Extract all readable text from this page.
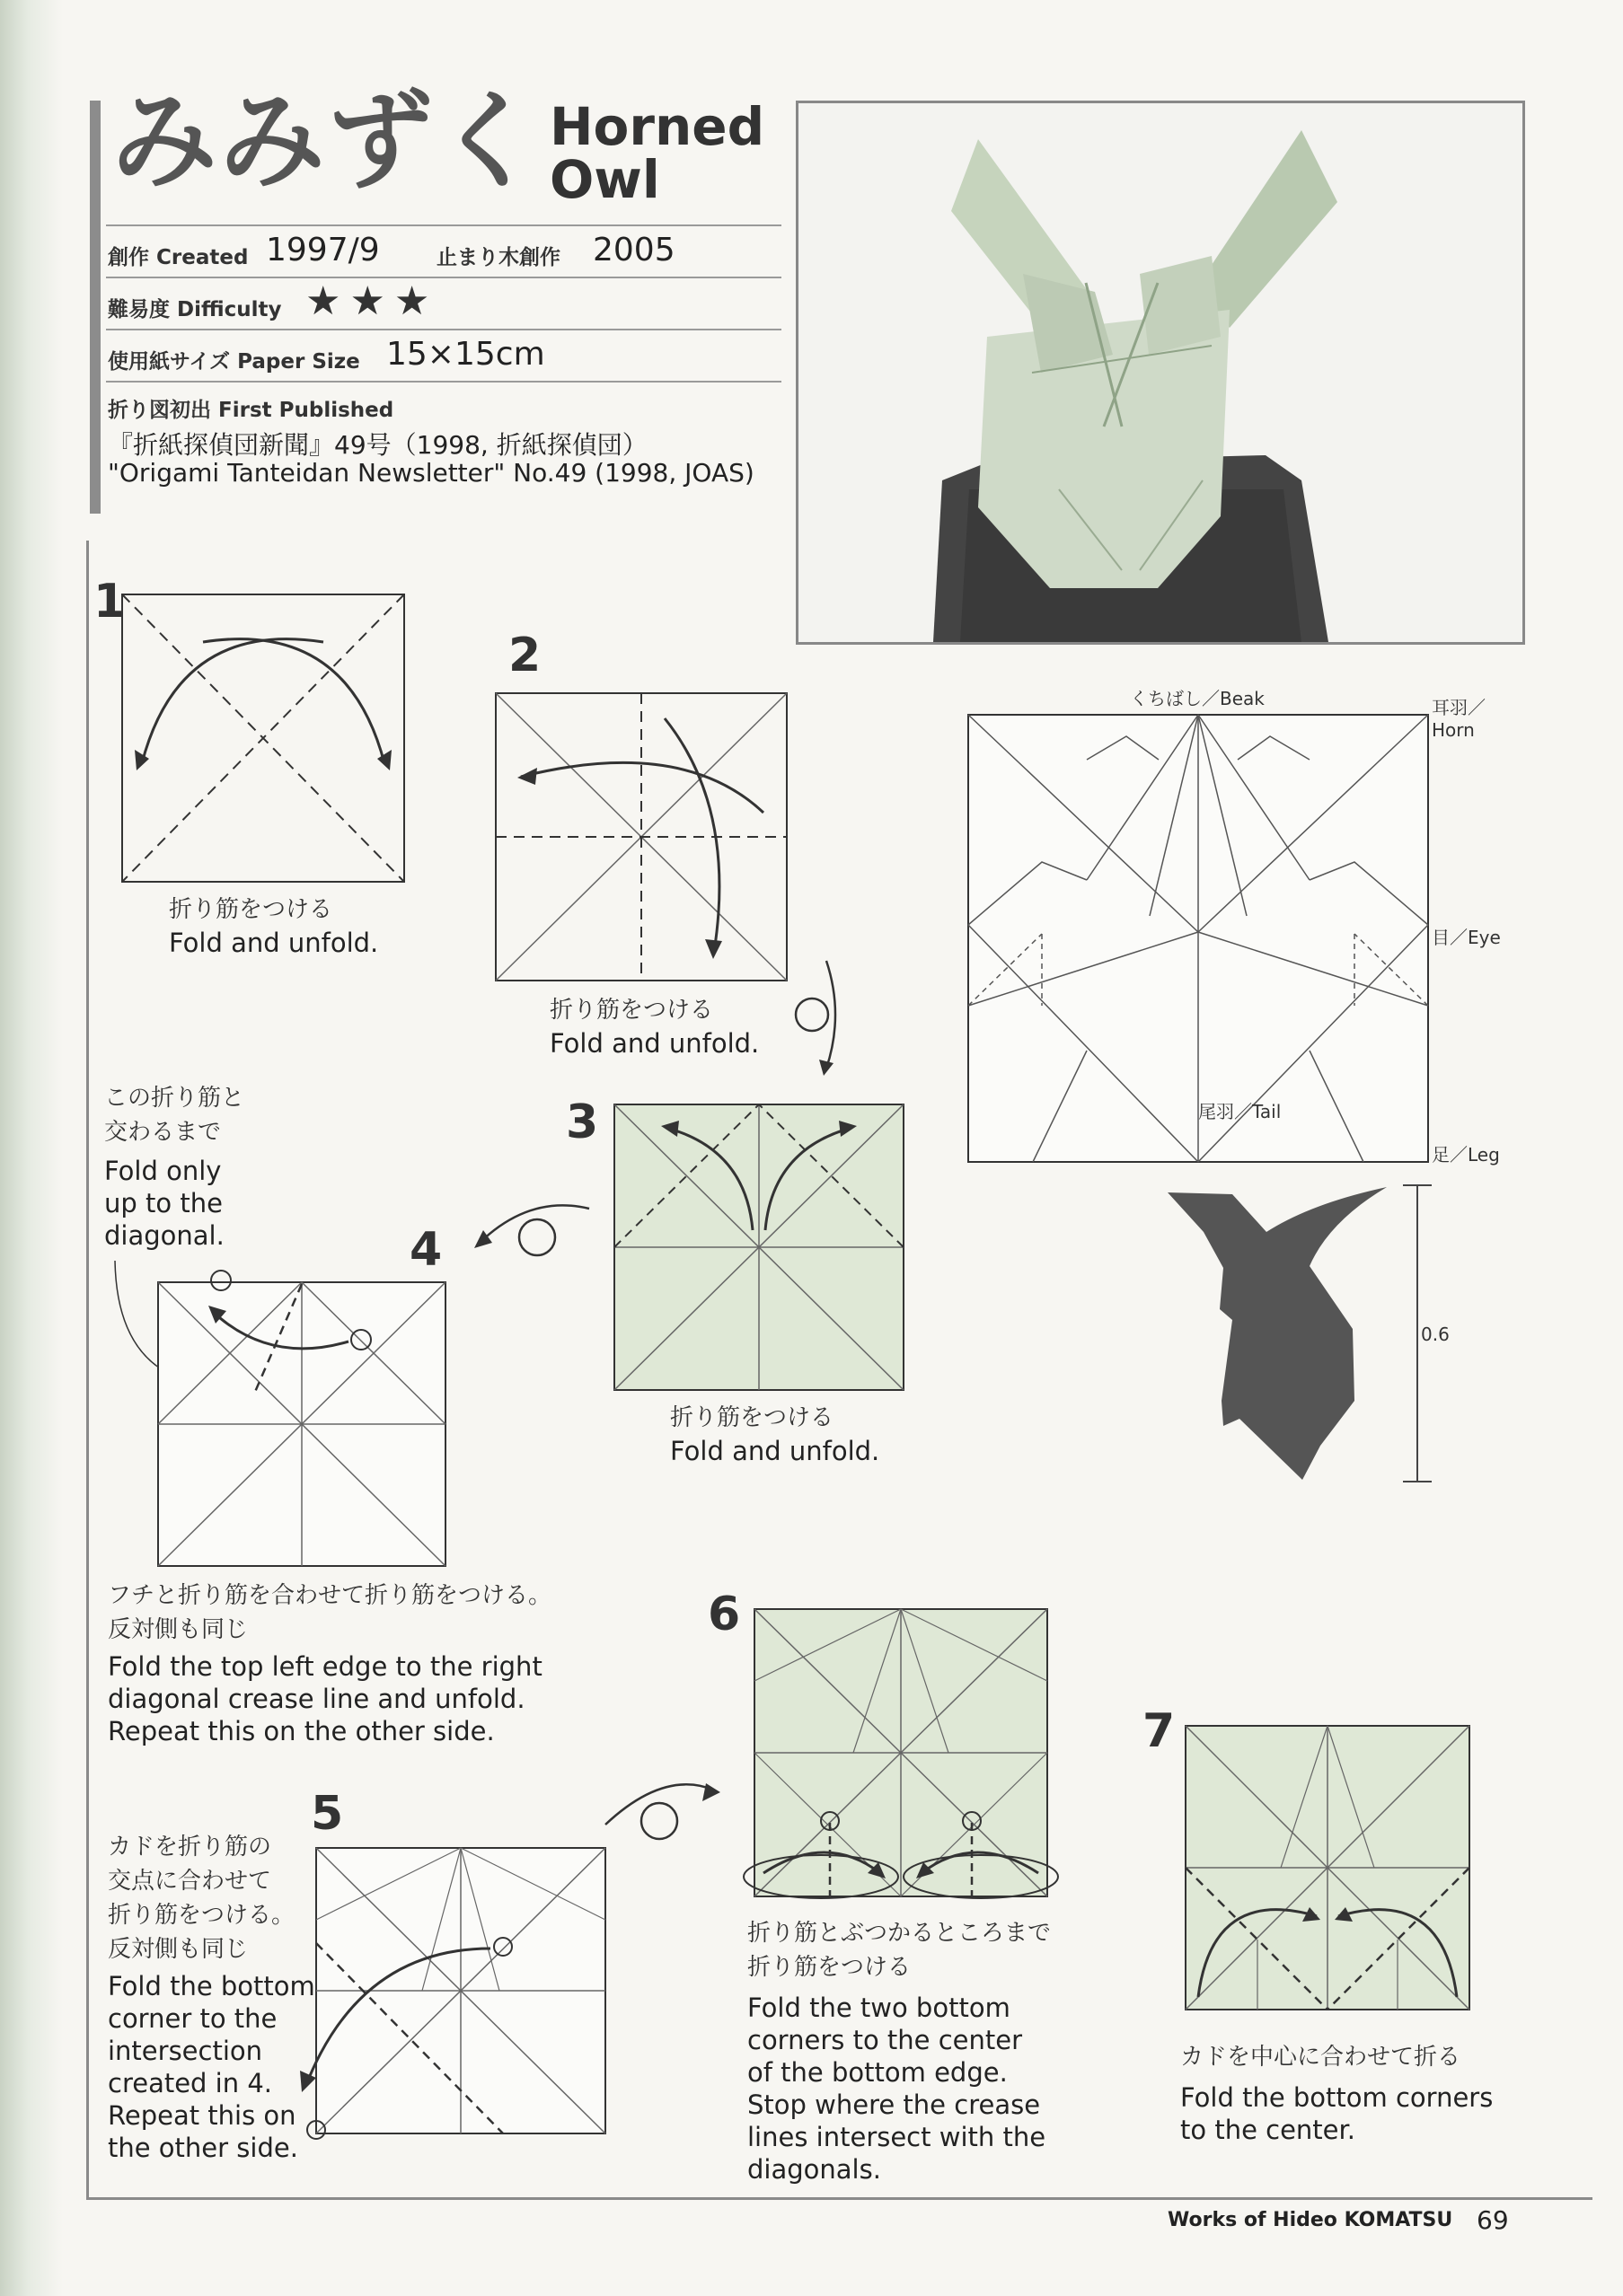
みみずく Horned
Owl
創作 Created 1997/9	止まり木創作 2005
難易度 Difficulty ★★★
使用紙サイズ Paper Size 15×15cm
折り図初出 First Published
『折紙探偵団新聞』49号（1998, 折紙探偵団）
"Origami Tanteidan Newsletter" No.49 (1998, JOAS)
1
折り筋をつける
Fold and unfold.
2
折り筋をつける
Fold and unfold.
くちばし／Beak	耳羽／
Horn
目／Eye
尾羽／Tail
足／Leg
0.6
3
折り筋をつける
Fold and unfold.
この折り筋と
交わるまで
Fold only
up to the
diagonal.	4
フチと折り筋を合わせて折り筋をつける。
反対側も同じ
Fold the top left edge to the right
diagonal crease line and unfold.
Repeat this on the other side.
5
カドを折り筋の
交点に合わせて
折り筋をつける。
反対側も同じ
Fold the bottom
corner to the
intersection
created in 4.
Repeat this on
the other side.
6
折り筋とぶつかるところまで
折り筋をつける
Fold the two bottom
corners to the center
of the bottom edge.
Stop where the crease
lines intersect with the
diagonals.
7
カドを中心に合わせて折る
Fold the bottom corners
to the center.
Works of Hideo KOMATSU 69
